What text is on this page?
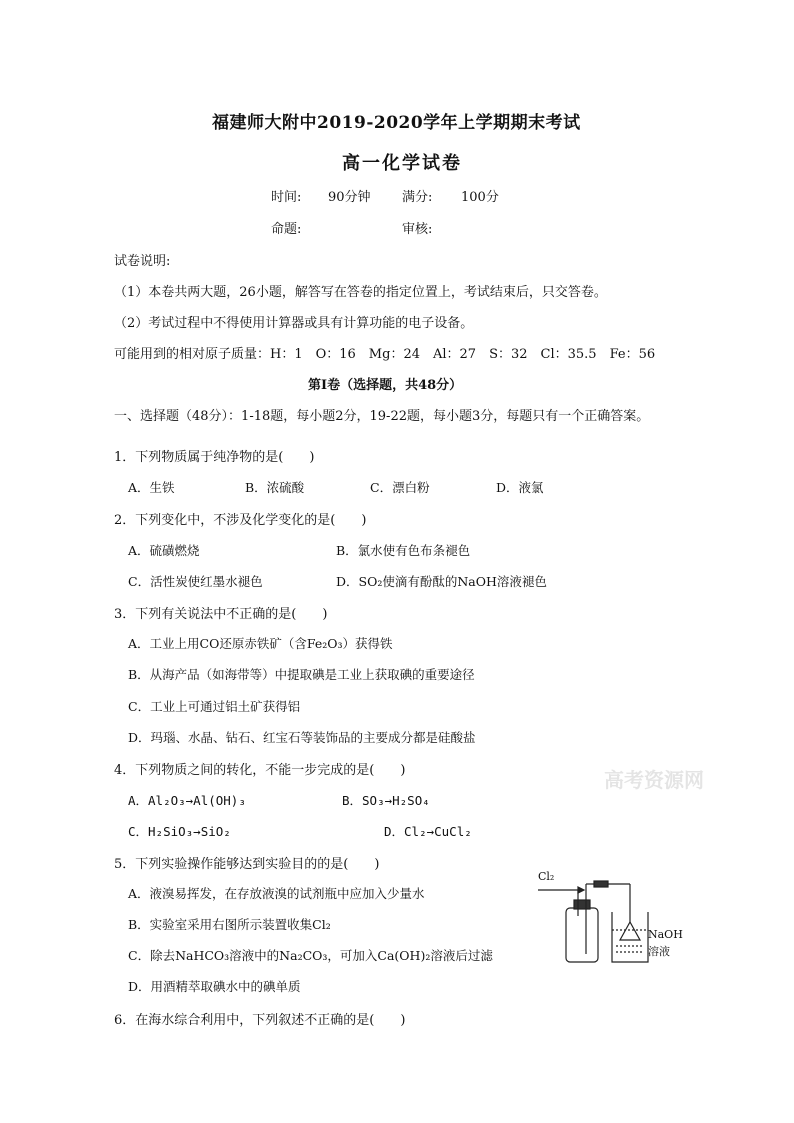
福建师大附中2019-2020学年上学期期末考试
高一化学试卷
时间: 90分钟 满分: 100分
命题:	审核:
试卷说明:
（1）本卷共两大题，26小题，解答写在答卷的指定位置上，考试结束后，只交答卷。
（2）考试过程中不得使用计算器或具有计算功能的电子设备。
可能用到的相对原子质量：H：1　O：16　Mg：24　Al：27　S：32　Cl：35.5　Fe：56
第Ⅰ卷（选择题，共48分）
一、选择题（48分）：1-18题，每小题2分，19-22题，每小题3分，每题只有一个正确答案。
1．下列物质属于纯净物的是(　　)
A．生铁	B．浓硫酸	C．漂白粉	D．液氯
2．下列变化中，不涉及化学变化的是(　　)
A．硫磺燃烧	B．氯水使有色布条褪色
C．活性炭使红墨水褪色	D．SO₂使滴有酚酞的NaOH溶液褪色
3．下列有关说法中不正确的是(　　)
A．工业上用CO还原赤铁矿（含Fe₂O₃）获得铁
B．从海产品（如海带等）中提取碘是工业上获取碘的重要途径
C．工业上可通过铝土矿获得铝
D．玛瑙、水晶、钻石、红宝石等装饰品的主要成分都是硅酸盐
4．下列物质之间的转化，不能一步完成的是(　　)
A．Al₂O₃→Al(OH)₃	B．SO₃→H₂SO₄
C．H₂SiO₃→SiO₂	D．Cl₂→CuCl₂
高考资源网
5．下列实验操作能够达到实验目的的是(　　)
A．液溴易挥发，在存放液溴的试剂瓶中应加入少量水
B．实验室采用右图所示装置收集Cl₂
C．除去NaHCO₃溶液中的Na₂CO₃，可加入Ca(OH)₂溶液后过滤
D．用酒精萃取碘水中的碘单质
Cl₂
NaOH
溶液
6．在海水综合利用中，下列叙述不正确的是(　　)
